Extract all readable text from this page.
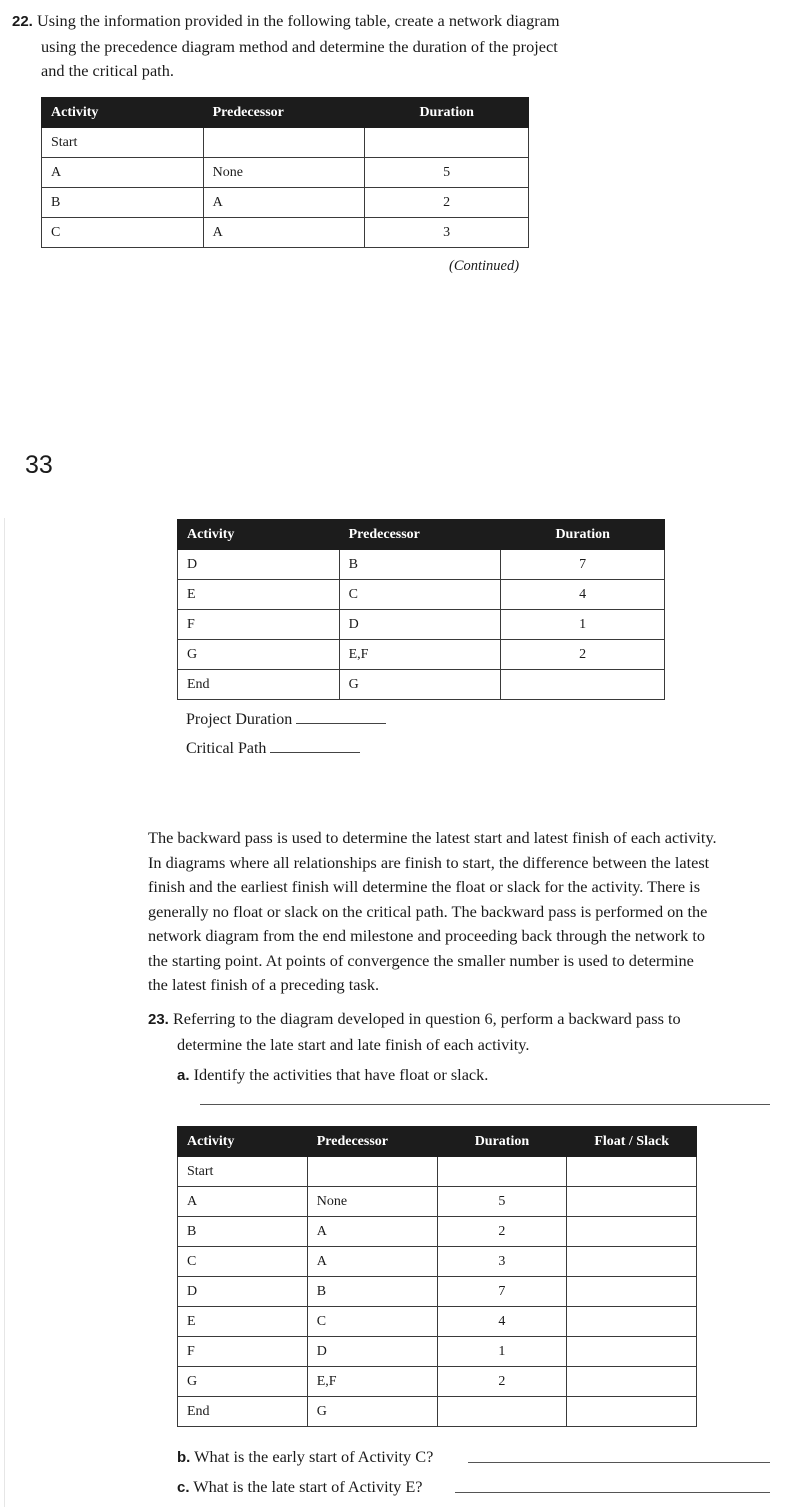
22. Using the information provided in the following table, create a network diagram
using the precedence diagram method and determine the duration of the project
and the critical path.
Activity	Predecessor	Duration
Start		
A	None	5
B	A	2
C	A	3
(Continued)
33
Activity	Predecessor	Duration
D	B	7
E	C	4
F	D	1
G	E,F	2
End	G	
Project Duration
Critical Path
The backward pass is used to determine the latest start and latest finish of each activity.
In diagrams where all relationships are finish to start, the difference between the latest
finish and the earliest finish will determine the float or slack for the activity. There is
generally no float or slack on the critical path. The backward pass is performed on the
network diagram from the end milestone and proceeding back through the network to
the starting point. At points of convergence the smaller number is used to determine
the latest finish of a preceding task.
23. Referring to the diagram developed in question 6, perform a backward pass to
determine the late start and late finish of each activity.
a. Identify the activities that have float or slack.
Activity	Predecessor	Duration	Float / Slack
Start			
A	None	5	
B	A	2	
C	A	3	
D	B	7	
E	C	4	
F	D	1	
G	E,F	2	
End	G		
b. What is the early start of Activity C?
c. What is the late start of Activity E?
